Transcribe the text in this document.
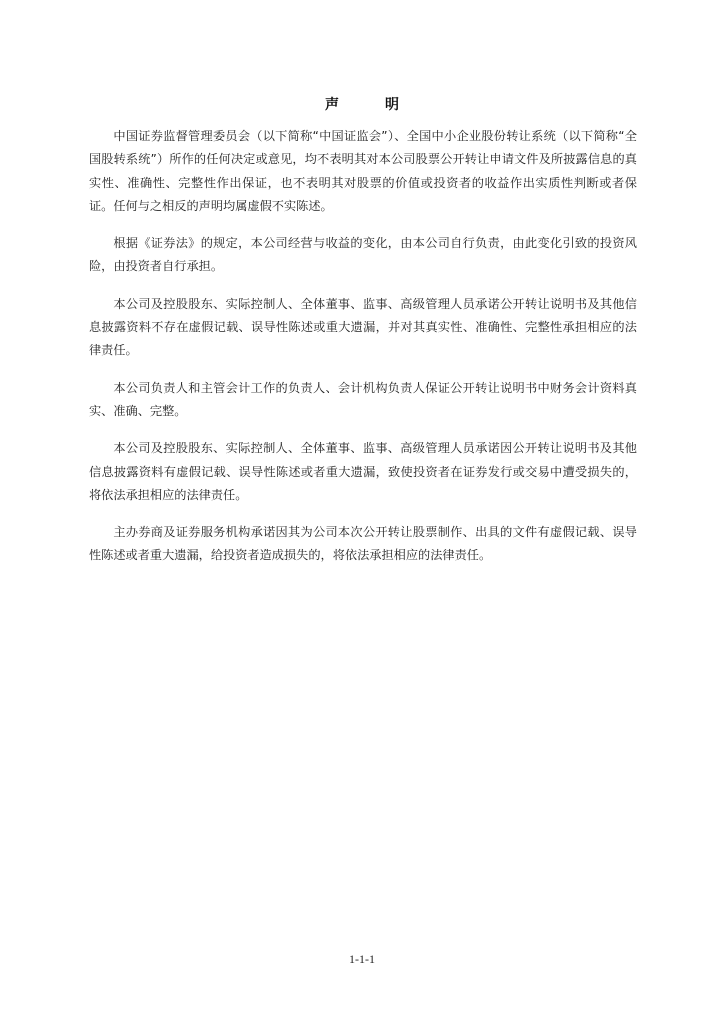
声　明

中国证券监督管理委员会（以下简称“中国证监会”）、全国中小企业股份转让系统（以下简称“全国股转系统”）所作的任何决定或意见，均不表明其对本公司股票公开转让申请文件及所披露信息的真实性、准确性、完整性作出保证，也不表明其对股票的价值或投资者的收益作出实质性判断或者保证。任何与之相反的声明均属虚假不实陈述。

根据《证券法》的规定，本公司经营与收益的变化，由本公司自行负责，由此变化引致的投资风险，由投资者自行承担。

本公司及控股股东、实际控制人、全体董事、监事、高级管理人员承诺公开转让说明书及其他信息披露资料不存在虚假记载、误导性陈述或重大遗漏，并对其真实性、准确性、完整性承担相应的法律责任。

本公司负责人和主管会计工作的负责人、会计机构负责人保证公开转让说明书中财务会计资料真实、准确、完整。

本公司及控股股东、实际控制人、全体董事、监事、高级管理人员承诺因公开转让说明书及其他信息披露资料有虚假记载、误导性陈述或者重大遗漏，致使投资者在证券发行或交易中遭受损失的，将依法承担相应的法律责任。

主办券商及证券服务机构承诺因其为公司本次公开转让股票制作、出具的文件有虚假记载、误导性陈述或者重大遗漏，给投资者造成损失的，将依法承担相应的法律责任。

1-1-1
